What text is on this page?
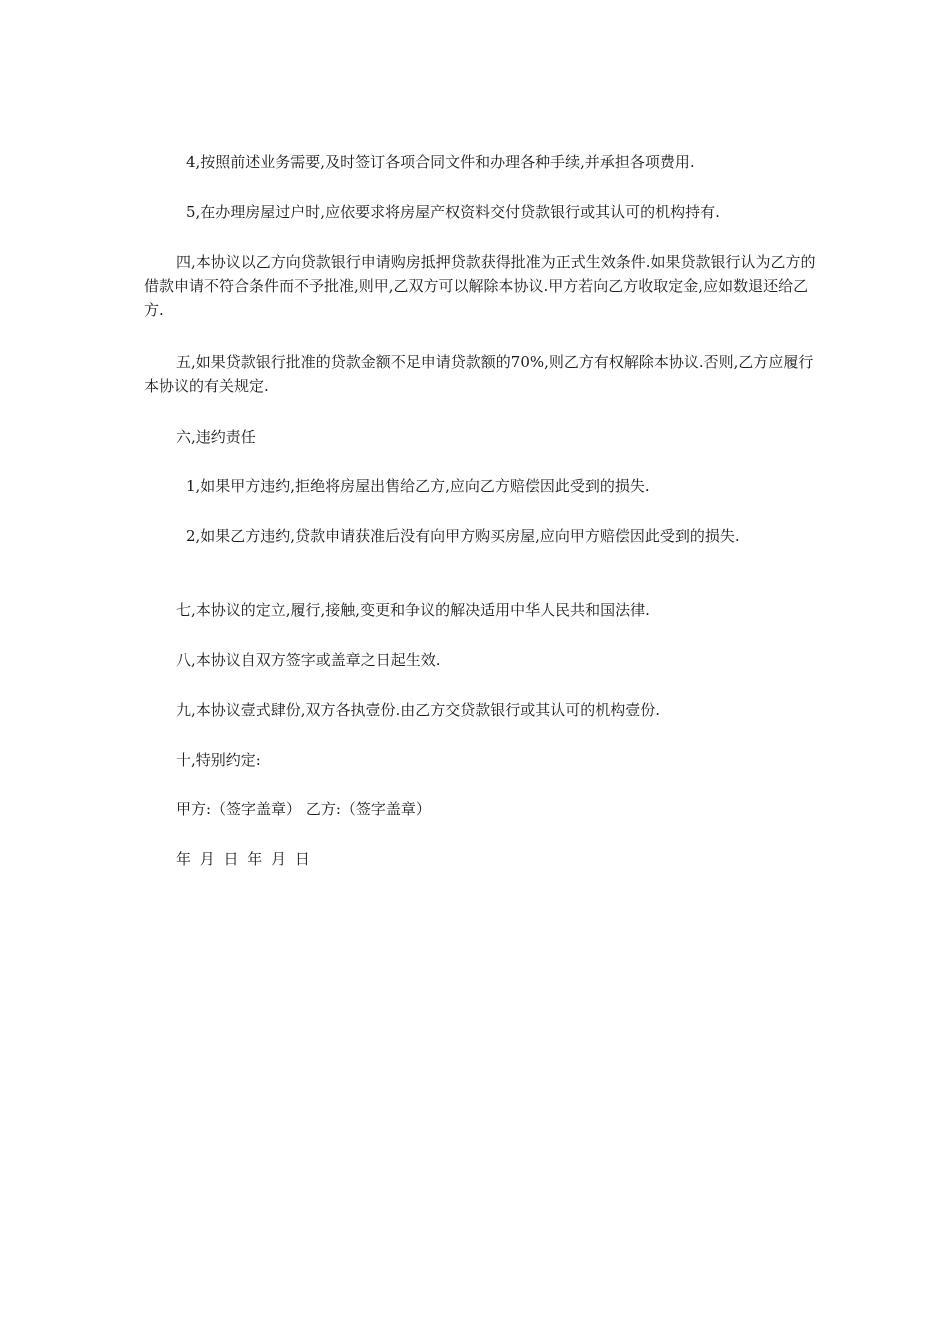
4,按照前述业务需要,及时签订各项合同文件和办理各种手续,并承担各项费用.

5,在办理房屋过户时,应依要求将房屋产权资料交付贷款银行或其认可的机构持有.

四,本协议以乙方向贷款银行申请购房抵押贷款获得批准为正式生效条件.如果贷款银行认为乙方的借款申请不符合条件而不予批准,则甲,乙双方可以解除本协议.甲方若向乙方收取定金,应如数退还给乙方.

五,如果贷款银行批准的贷款金额不足申请贷款额的70%,则乙方有权解除本协议.否则,乙方应履行本协议的有关规定.

六,违约责任

1,如果甲方违约,拒绝将房屋出售给乙方,应向乙方赔偿因此受到的损失.

2,如果乙方违约,贷款申请获准后没有向甲方购买房屋,应向甲方赔偿因此受到的损失.

七,本协议的定立,履行,接触,变更和争议的解决适用中华人民共和国法律.

八,本协议自双方签字或盖章之日起生效.

九,本协议壹式肆份,双方各执壹份.由乙方交贷款银行或其认可的机构壹份.

十,特别约定:

甲方:（签字盖章） 乙方:（签字盖章）

年 月 日 年 月 日
